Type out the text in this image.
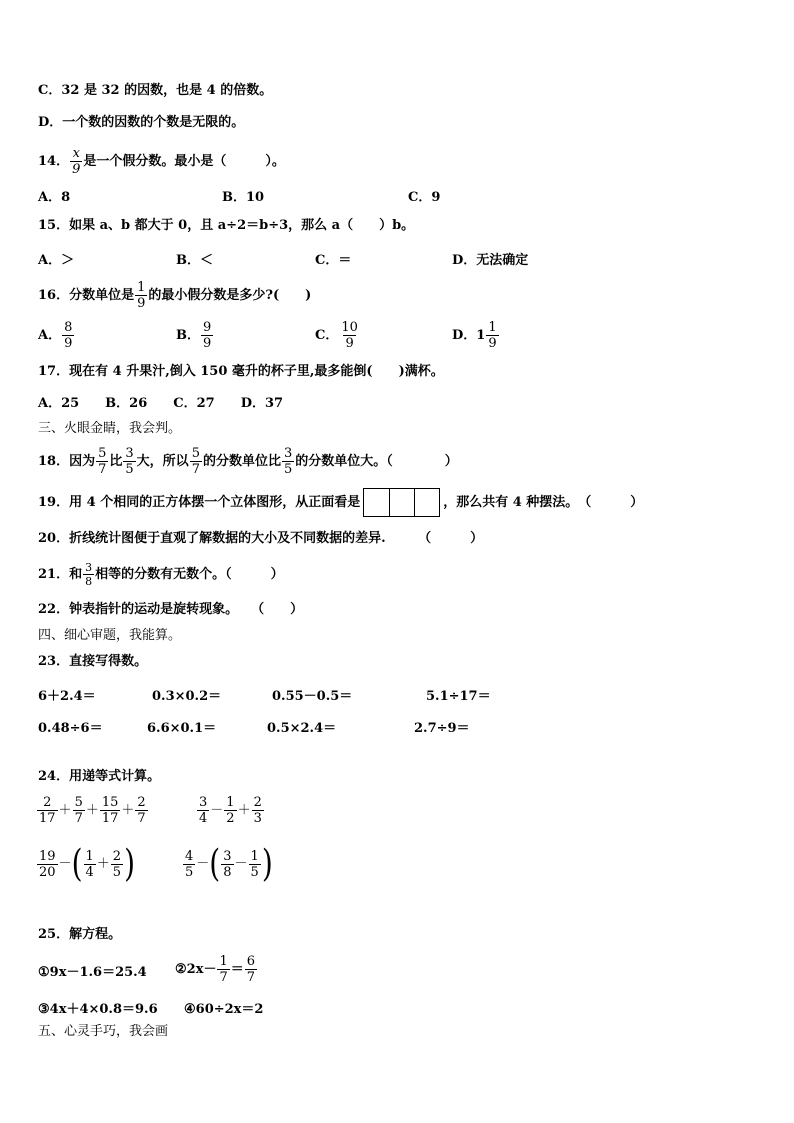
C．32 是 32 的因数，也是 4 的倍数。
D．一个数的因数的个数是无限的。
14． $\frac{x}{9}$ 是一个假分数。最小是（　　　）。
A．8	B．10	C．9
15．如果 a、b 都大于 0，且 a÷2＝b÷3，那么 a（　　）b。
A．＞	B．＜	C．＝	D．无法确定
16．分数单位是 $\frac{1}{9}$ 的最小假分数是多少?(　　)
A． $\frac{8}{9}$	B． $\frac{9}{9}$	C． $\frac{10}{9}$	D．$1 \frac{1}{9}$
17．现在有 4 升果汁,倒入 150 毫升的杯子里,最多能倒(　　)满杯。
A．25　　B．26　　C．27　　D．37
三、火眼金睛，我会判。
18．因为 $\frac{5}{7}$ 比 $\frac{3}{5}$ 大，所以 $\frac{5}{7}$ 的分数单位比 $\frac{3}{5}$ 的分数单位大。（　　　　）
19．用 4 个相同的正方体摆一个立体图形，从正面看是	，那么共有 4 种摆法。　（　　　）
20．折线统计图便于直观了解数据的大小及不同数据的差异.　　　（　　　）
21．和 $\frac{3}{8}$ 相等的分数有无数个。（　　　）
22．钟表指针的运动是旋转现象。　　（　　）
四、细心审题，我能算。
23．直接写得数。
6＋2.4＝	0.3×0.2＝	0.55－0.5＝	5.1÷17＝
0.48÷6＝	6.6×0.1＝	0.5×2.4＝	2.7÷9＝
24．用递等式计算。
$\frac{2}{17} + \frac{5}{7} + \frac{15}{17} + \frac{2}{7}$	$\frac{3}{4} - \frac{1}{2} + \frac{2}{3}$
$\frac{19}{20}$ －( $\frac{1}{4} + \frac{2}{5}$ )	$\frac{4}{5}$ －( $\frac{3}{8} - \frac{1}{5}$ )
25．解方程。
①9x－1.6＝25.4 ②2x－ $\frac{1}{7} = \frac{6}{7}$
③4x＋4×0.8＝9.6 ④60÷2x＝2
五、心灵手巧，我会画
